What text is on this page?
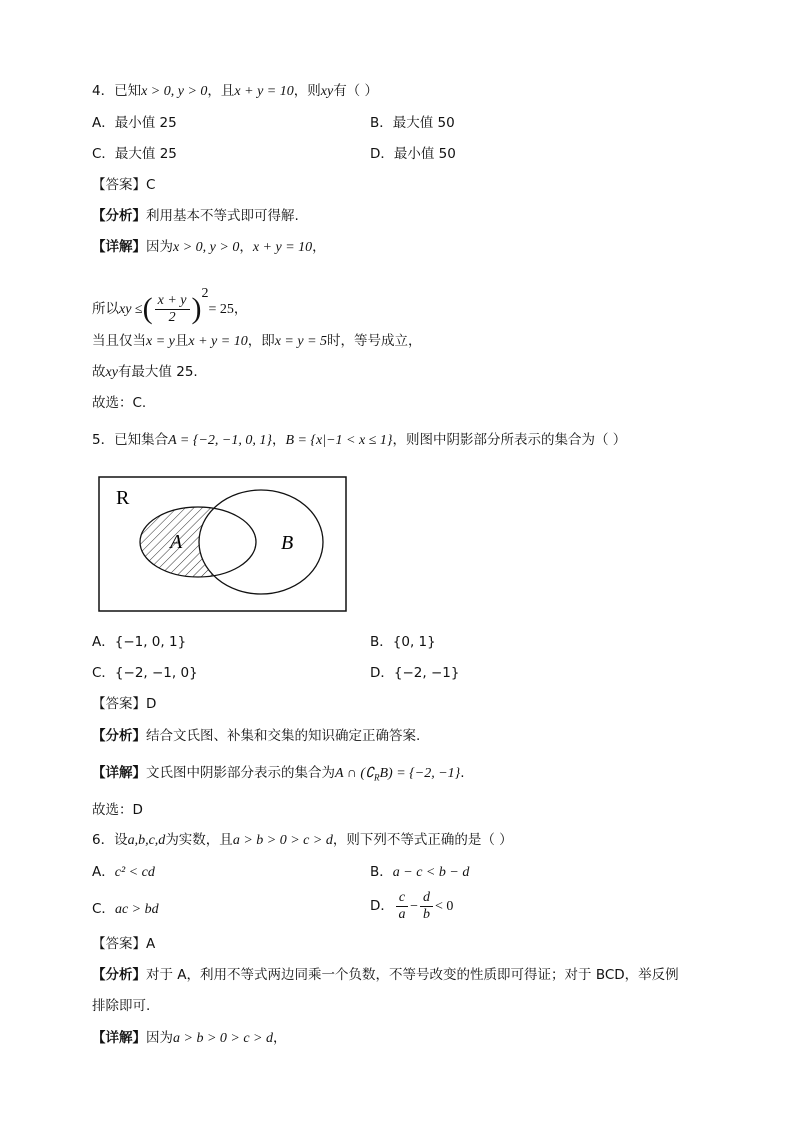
4．已知x > 0, y > 0，且x + y = 10，则xy有（ ）
A．最小值 25	B．最大值 50
C．最大值 25	D．最小值 50
【答案】C
【分析】利用基本不等式即可得解.
【详解】因为x > 0, y > 0，x + y = 10，
所以xy ≤( $\frac{x + y}{2} )^2= 25$，
当且仅当x = y且x + y = 10，即x = y = 5时，等号成立，
故xy有最大值 25.
故选：C.
5．已知集合A = {−2, −1, 0, 1}，B = {x|−1 < x ≤ 1}，则图中阴影部分所表示的集合为（ ）
R
A	B
A．{−1, 0, 1}	B．{0, 1}
C．{−2, −1, 0}	D．{−2, −1}
【答案】D
【分析】结合文氏图、补集和交集的知识确定正确答案.
【详解】文氏图中阴影部分表示的集合为A ∩ $(∁_RB) = \{-2$, −1}.
故选：D
6．设a,b,c,d为实数，且a > b > 0 > c > d，则下列不等式正确的是（ ）
A．c² < cd	B．a − c < b − d
C．ac > bd	D． $\frac{c}{a} - \frac{d}{b} < 0$
【答案】A
【分析】对于 A，利用不等式两边同乘一个负数，不等号改变的性质即可得证；对于 BCD，举反例
排除即可.
【详解】因为a > b > 0 > c > d，
